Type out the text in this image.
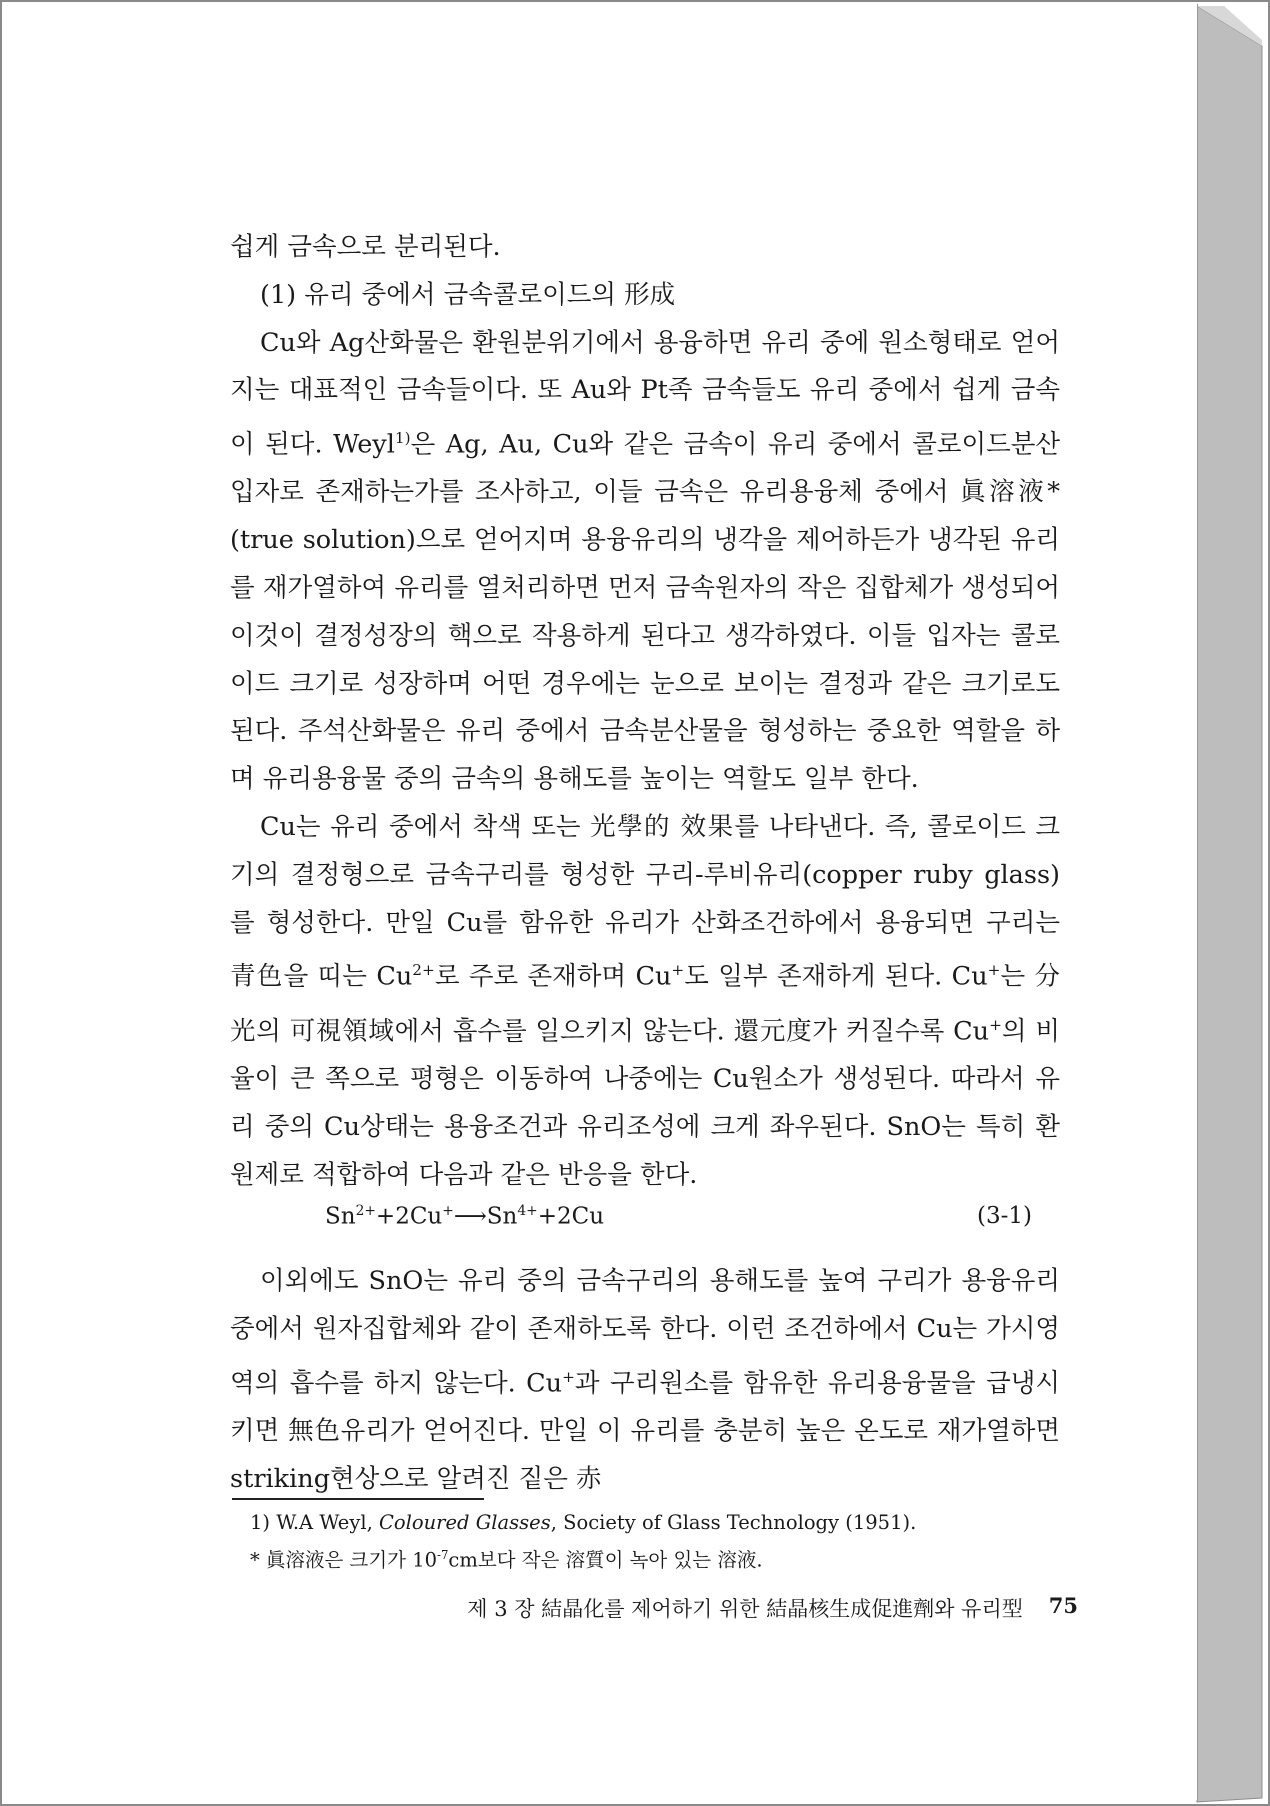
쉽게 금속으로 분리된다.

(1) 유리 중에서 금속콜로이드의 形成

Cu와 Ag산화물은 환원분위기에서 용융하면 유리 중에 원소형태로 얻어지는 대표적인 금속들이다. 또 Au와 Pt족 금속들도 유리 중에서 쉽게 금속이 된다. Weyl$^{1)}$은 Ag, Au, Cu와 같은 금속이 유리 중에서 콜로이드분산입자로 존재하는가를 조사하고, 이들 금속은 유리용융체 중에서 眞溶液*(true solution)으로 얻어지며 용융유리의 냉각을 제어하든가 냉각된 유리를 재가열하여 유리를 열처리하면 먼저 금속원자의 작은 집합체가 생성되어 이것이 결정성장의 핵으로 작용하게 된다고 생각하였다. 이들 입자는 콜로이드 크기로 성장하며 어떤 경우에는 눈으로 보이는 결정과 같은 크기로도 된다. 주석산화물은 유리 중에서 금속분산물을 형성하는 중요한 역할을 하며 유리용융물 중의 금속의 용해도를 높이는 역할도 일부 한다.

Cu는 유리 중에서 착색 또는 光學的 效果를 나타낸다. 즉, 콜로이드 크기의 결정형으로 금속구리를 형성한 구리-루비유리(copper ruby glass)를 형성한다. 만일 Cu를 함유한 유리가 산화조건하에서 용융되면 구리는 青色을 띠는 $Cu^{2+}$로 주로 존재하며 Cu+도 일부 존재하게 된다. Cu+는 分光의 可視領域에서 흡수를 일으키지 않는다. 還元度가 커질수록 Cu+의 비율이 큰 쪽으로 평형은 이동하여 나중에는 Cu원소가 생성된다. 따라서 유리 중의 Cu상태는 용융조건과 유리조성에 크게 좌우된다. SnO는 특히 환원제로 적합하여 다음과 같은 반응을 한다.

$Sn^{2+}+2Cu^+⟶Sn^{4+}+2Cu$	(3-1)

이외에도 SnO는 유리 중의 금속구리의 용해도를 높여 구리가 용융유리 중에서 원자집합체와 같이 존재하도록 한다. 이런 조건하에서 Cu는 가시영역의 흡수를 하지 않는다. Cu+과 구리원소를 함유한 유리용융물을 급냉시키면 無色유리가 얻어진다. 만일 이 유리를 충분히 높은 온도로 재가열하면 striking현상으로 알려진 짙은 赤

1) W.A Weyl, Coloured Glasses, Society of Glass Technology (1951).

* 眞溶液은 크기가 $10^{-7}cm$보다 작은 溶質이 녹아 있는 溶液.

제 3 장 結晶化를 제어하기 위한 結晶核生成促進劑와 유리型 75
